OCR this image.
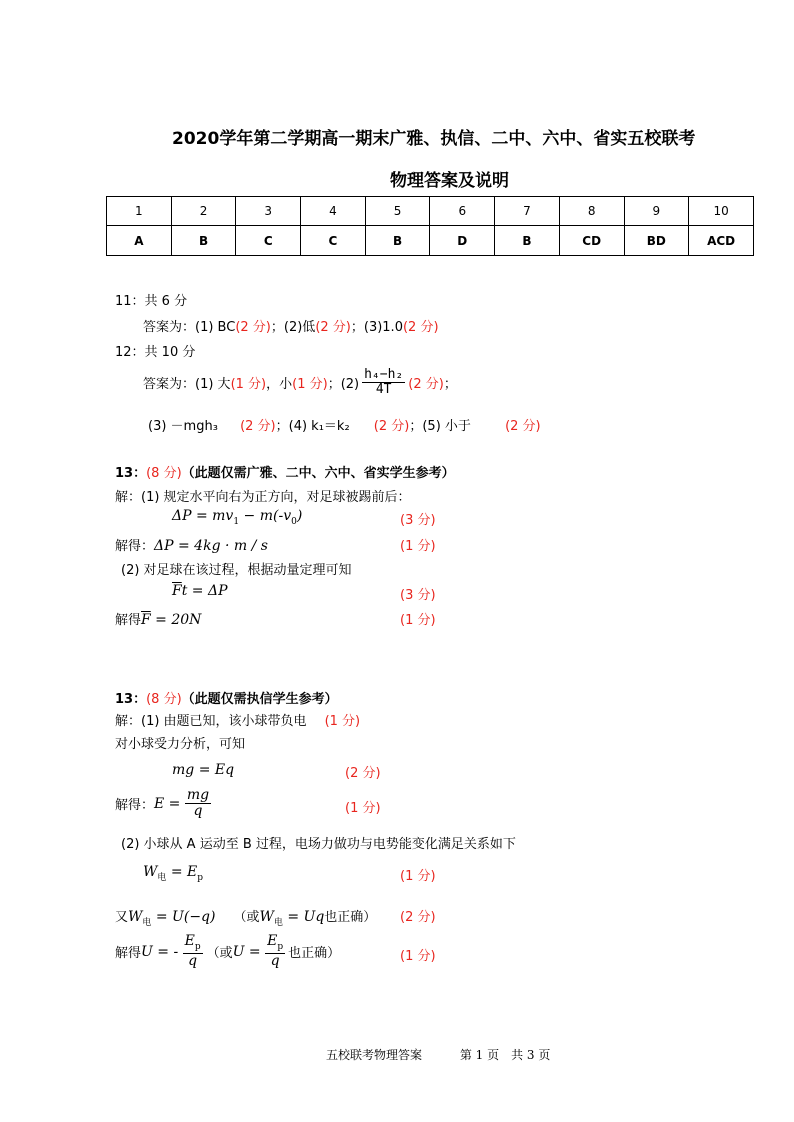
2020学年第二学期高一期末广雅、执信、二中、六中、省实五校联考
物理答案及说明
1	2	3	4	5	6	7	8	9	10
A	B	C	C	B	D	B	CD	BD	ACD
11：共 6 分
答案为：(1) BC(2 分)；(2)低(2 分)；(3)1.0(2 分)
12：共 10 分
答案为：(1) 大 (1 分) ，小 (1 分) ；$(2) \frac{\text{h₄−h₂}}{4T} (2$ 分) ；
(3) －mgh₃ (2 分)；(4) k₁＝k₂ (2 分)；(5) 小于	(2 分)
13：(8 分)（此题仅需广雅、二中、六中、省实学生参考）
解：(1) 规定水平向右为正方向，对足球被踢前后：
$\Delta P = mv_1 - m(-v_0)$	(3 分)
解得：ΔP = 4kg · m / s	(1 分)
(2) 对足球在该过程，根据动量定理可知
$\overline{F}t = \Delta P$	(3 分)
解得$\overline{F} = 20N$	(1 分)
13：(8 分)（此题仅需执信学生参考）
解：(1) 由题已知，该小球带负电 (1 分)
对小球受力分析，可知
mg = Eq	(2 分)
解得： $E = \frac{mg}{q}$	(1 分)
(2) 小球从 A 运动至 B 过程，电场力做功与电势能变化满足关系如下
$W_电 = E_p$	(1 分)
又$W_电 = U(-q)$ （或$W_电 = Uq$也正确） (2 分)
解得 U = - $\frac{E_p}{q}$ （或 $U = \frac{E_p}{q}$ 也正确）	(1 分)
五校联考物理答案	第 1 页　共 3 页
